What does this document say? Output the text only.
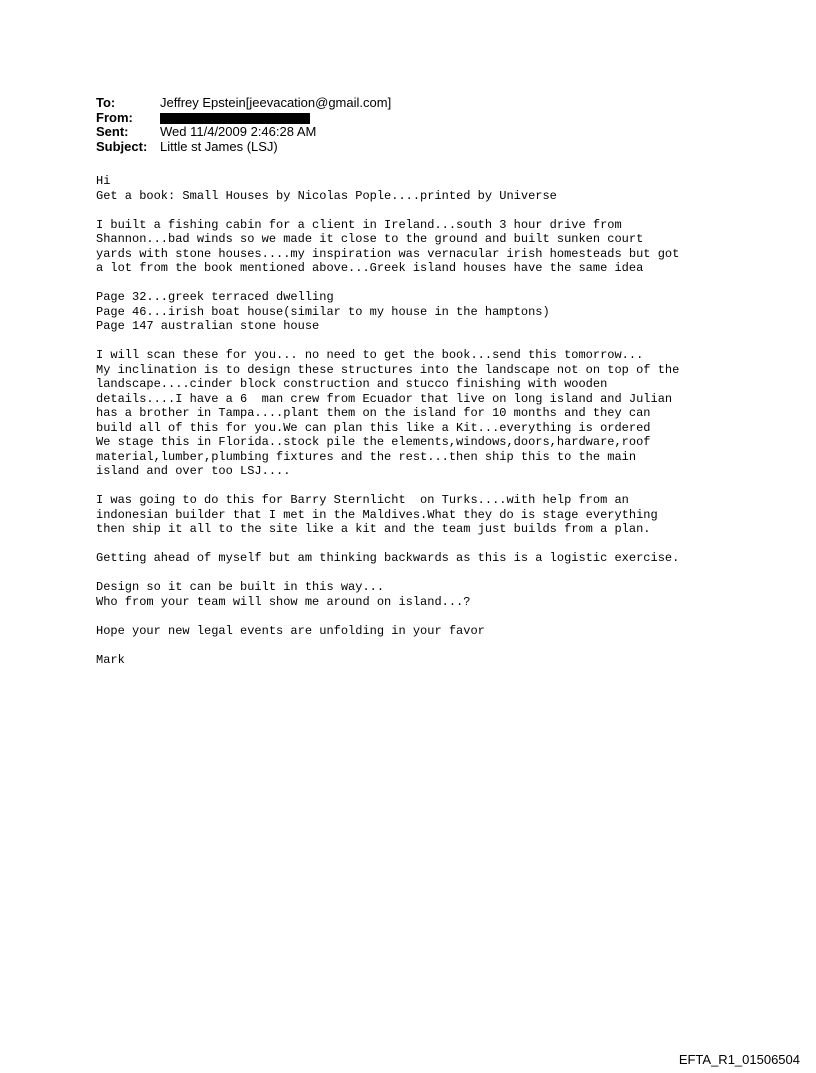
To:	Jeffrey Epstein[jeevacation@gmail.com]
From:
Sent:	Wed 11/4/2009 2:46:28 AM
Subject: Little st James (LSJ)
Hi
Get a book: Small Houses by Nicolas Pople....printed by Universe
I built a fishing cabin for a client in Ireland...south 3 hour drive from
Shannon...bad winds so we made it close to the ground and built sunken court
yards with stone houses....my inspiration was vernacular irish homesteads but got
a lot from the book mentioned above...Greek island houses have the same idea
Page 32...greek terraced dwelling
Page 46...irish boat house(similar to my house in the hamptons)
Page 147 australian stone house
I will scan these for you... no need to get the book...send this tomorrow...
My inclination is to design these structures into the landscape not on top of the
landscape....cinder block construction and stucco finishing with wooden
details....I have a 6  man crew from Ecuador that live on long island and Julian
has a brother in Tampa....plant them on the island for 10 months and they can
build all of this for you.We can plan this like a Kit...everything is ordered
We stage this in Florida..stock pile the elements,windows,doors,hardware,roof
material,lumber,plumbing fixtures and the rest...then ship this to the main
island and over too LSJ....
I was going to do this for Barry Sternlicht  on Turks....with help from an
indonesian builder that I met in the Maldives.What they do is stage everything
then ship it all to the site like a kit and the team just builds from a plan.
Getting ahead of myself but am thinking backwards as this is a logistic exercise.
Design so it can be built in this way...
Who from your team will show me around on island...?
Hope your new legal events are unfolding in your favor
Mark
EFTA_R1_01506504
